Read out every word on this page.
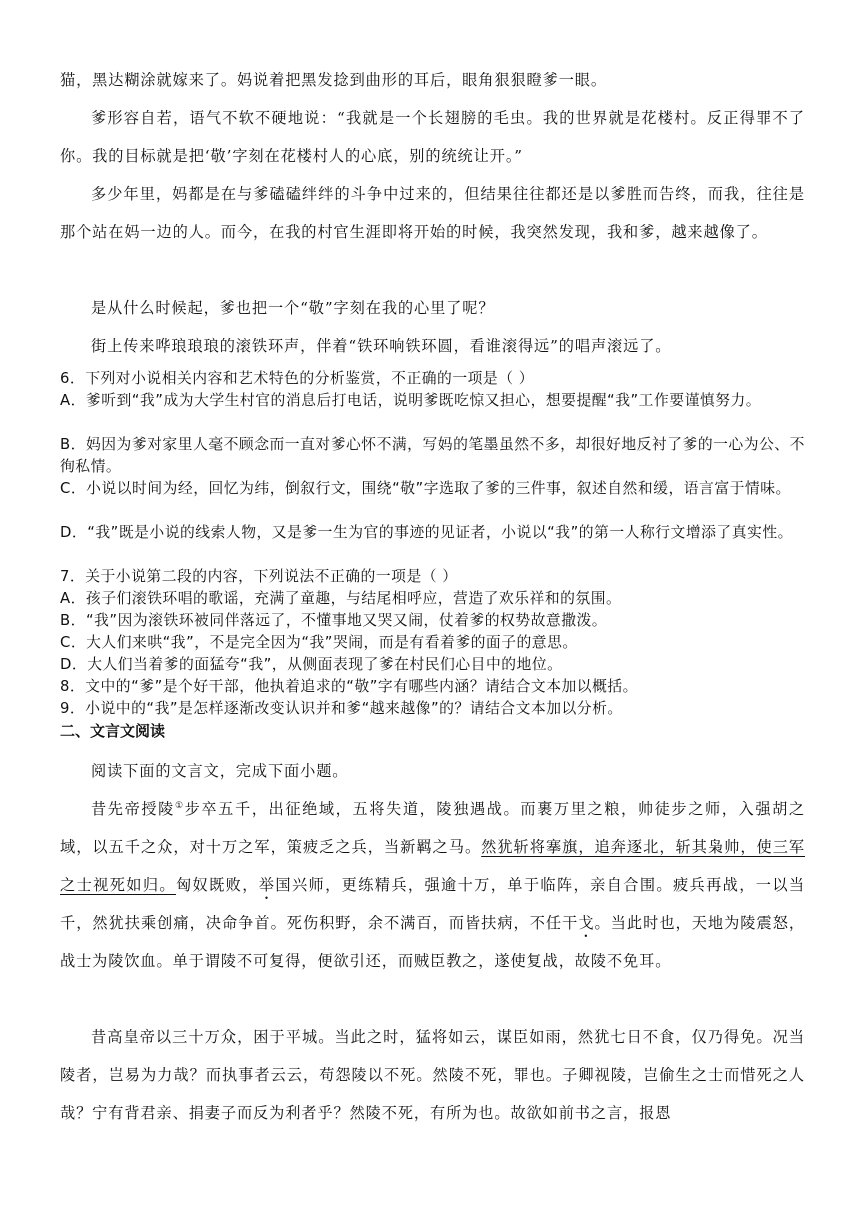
猫，黑达糊涂就嫁来了。妈说着把黑发捻到曲形的耳后，眼角狠狠瞪爹一眼。

爹形容自若，语气不软不硬地说：“我就是一个长翅膀的毛虫。我的世界就是花楼村。反正得罪不了你。我的目标就是把‘敬’字刻在花楼村人的心底，别的统统让开。”

多少年里，妈都是在与爹磕磕绊绊的斗争中过来的，但结果往往都还是以爹胜而告终，而我，往往是那个站在妈一边的人。而今，在我的村官生涯即将开始的时候，我突然发现，我和爹，越来越像了。

是从什么时候起，爹也把一个“敬”字刻在我的心里了呢？

街上传来哗琅琅琅的滚铁环声，伴着“铁环响铁环圆，看谁滚得远”的唱声滚远了。

6．下列对小说相关内容和艺术特色的分析鉴赏，不正确的一项是（ ）

A．爹听到“我”成为大学生村官的消息后打电话，说明爹既吃惊又担心，想要提醒“我”工作要谨慎努力。

B．妈因为爹对家里人毫不顾念而一直对爹心怀不满，写妈的笔墨虽然不多，却很好地反衬了爹的一心为公、不徇私情。

C．小说以时间为经，回忆为纬，倒叙行文，围绕“敬”字选取了爹的三件事，叙述自然和缓，语言富于情味。

D．“我”既是小说的线索人物，又是爹一生为官的事迹的见证者，小说以“我”的第一人称行文增添了真实性。

7．关于小说第二段的内容，下列说法不正确的一项是（ ）

A．孩子们滚铁环唱的歌谣，充满了童趣，与结尾相呼应，营造了欢乐祥和的氛围。

B．“我”因为滚铁环被同伴落远了，不懂事地又哭又闹，仗着爹的权势故意撒泼。

C．大人们来哄“我”，不是完全因为“我”哭闹，而是有看着爹的面子的意思。

D．大人们当着爹的面猛夸“我”，从侧面表现了爹在村民们心目中的地位。

8．文中的“爹”是个好干部，他执着追求的“敬”字有哪些内涵？请结合文本加以概括。

9．小说中的“我”是怎样逐渐改变认识并和爹“越来越像”的？请结合文本加以分析。

二、文言文阅读

阅读下面的文言文，完成下面小题。

昔先帝授陵①步卒五千，出征绝域，五将失道，陵独遇战。而裹万里之粮，帅徒步之师，入强胡之域，以五千之众，对十万之军，策疲乏之兵，当新羁之马。然犹斩将搴旗，追奔逐北，斩其枭帅，使三军之士视死如归。匈奴既败，举国兴师，更练精兵，强逾十万，单于临阵，亲自合围。疲兵再战，一以当千，然犹扶乘创痛，决命争首。死伤积野，余不满百，而皆扶病，不任干戈。当此时也，天地为陵震怒，战士为陵饮血。单于谓陵不可复得，便欲引还，而贼臣教之，遂使复战，故陵不免耳。

昔高皇帝以三十万众，困于平城。当此之时，猛将如云，谋臣如雨，然犹七日不食，仅乃得免。况当陵者，岂易为力哉？而执事者云云，苟怨陵以不死。然陵不死，罪也。子卿视陵，岂偷生之士而惜死之人哉？宁有背君亲、捐妻子而反为利者乎？然陵不死，有所为也。故欲如前书之言，报恩
